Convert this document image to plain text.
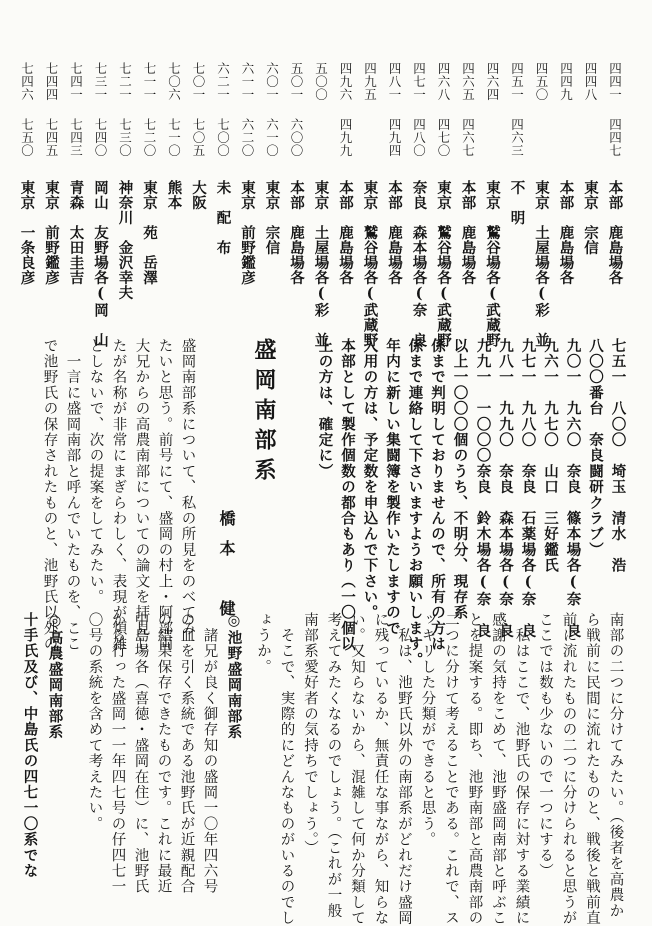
四四一
四四七
本部　鹿島場各
四四八
東京　宗信
四四九
本部　鹿島場各
四五〇
東京　土屋場各(彩　並
四五一
四六三
不　明
四六四
東京　鷲谷場各(武蔵野
四六五
四六七
本部　鹿島場各
四六八
四七〇
東京　鷲谷場各(武蔵野
四七一
四八〇
奈良　森本場各(奈　良
四八一
四九四
本部　鹿島場各
四九五
東京　鷲谷場各(武蔵野
四九六
四九九
本部　鹿島場各
五〇〇
東京　土屋場各(彩　並
五〇一
六〇〇
本部　鹿島場各
六〇一
六一〇
東京　宗信
六一一
六二〇
東京　前野鑑彦
六二一
七〇〇
未　配　布
七〇一
七〇五
大阪
七〇六
七一〇
熊本
七一一
七二〇
東京　苑　岳澤
七二一
七三〇
神奈川　金沢幸夫
七三一
七四〇
岡山　友野場各(岡　山
七四一
七四三
青森　太田圭吉
七四四
七四五
東京　前野鑑彦
七四六
七五〇
東京　一条良彦
七五一　八〇〇　埼玉　清水　浩
八〇〇番台　奈良闘研クラブ）
九〇一　九六〇　奈良　篠本場各(奈　良
九六一　九七〇　山口　三好鑑氏
九七一　九八〇　奈良　石薬場各(奈　良
九八一　九九〇　奈良　森本場各(奈　良
九九一　一〇〇〇奈良　鈴木場各(奈　良
以上一〇〇〇個のうち、不明分、現存系
係まで判明しておりませんので、所有の方は
係まで連絡して下さいますようお願いします。
年内に新しい集闘簿を製作いたしますので
入用の方は、予定数を申込んで下さい。
本部として製作個数の都合もあり（一〇個以
上の方は、確定に）
盛岡南部系
橋本　健
盛岡南部系について、私の所見をのべてみ
たいと思う。前号にて、盛岡の村上・阿部両
大兄からの高農南部についての論文を拝見し
たが名称が非常にまぎらわしく、表現が煩雑
としないで、次の提案をしてみたい。
　一言に盛岡南部と呼んでいたものを、ここ
で池野氏の保存されたものと、池野氏以外の
南部の二つに分けてみたい。（後者を高農か
ら戦前に民間に流れたものと、戦後と戦前直
前に流れたものの二つに分けられると思うが
ここでは数も少ないので一つにする）
　私はここで、池野氏の保存に対する業績に
感謝の気持をこめて、池野盛岡南部と呼ぶこ
とを提案する。即ち、池野南部と高農南部の
二つに分けて考えることである。これで、ス
ッキリした分類ができると思う。
　私は、池野氏以外の南部系がどれだけ盛岡
に残っているか、無責任な事ながら、知らな
い。又知らないから、混雑して何か分類して
考えてみたくなるのでしょう。（これが一般
南部系愛好者の気持ちでしょう。）
　そこで、実際的にどんなものがいるのでし
ょうか。
◎池野盛岡南部系
　諸兄が良く御存知の盛岡一〇年四六号
の血を引く系統である池野氏が近親配合
の結果保存できたものです。これに最近
中島場各（喜徳・盛岡在住）に、池野氏
から行った盛岡一一年四七号の仔四七一
〇号の系統を含めて考えたい。
◎高農盛岡南部系
十手氏及び、中島氏の四七一〇系でな
